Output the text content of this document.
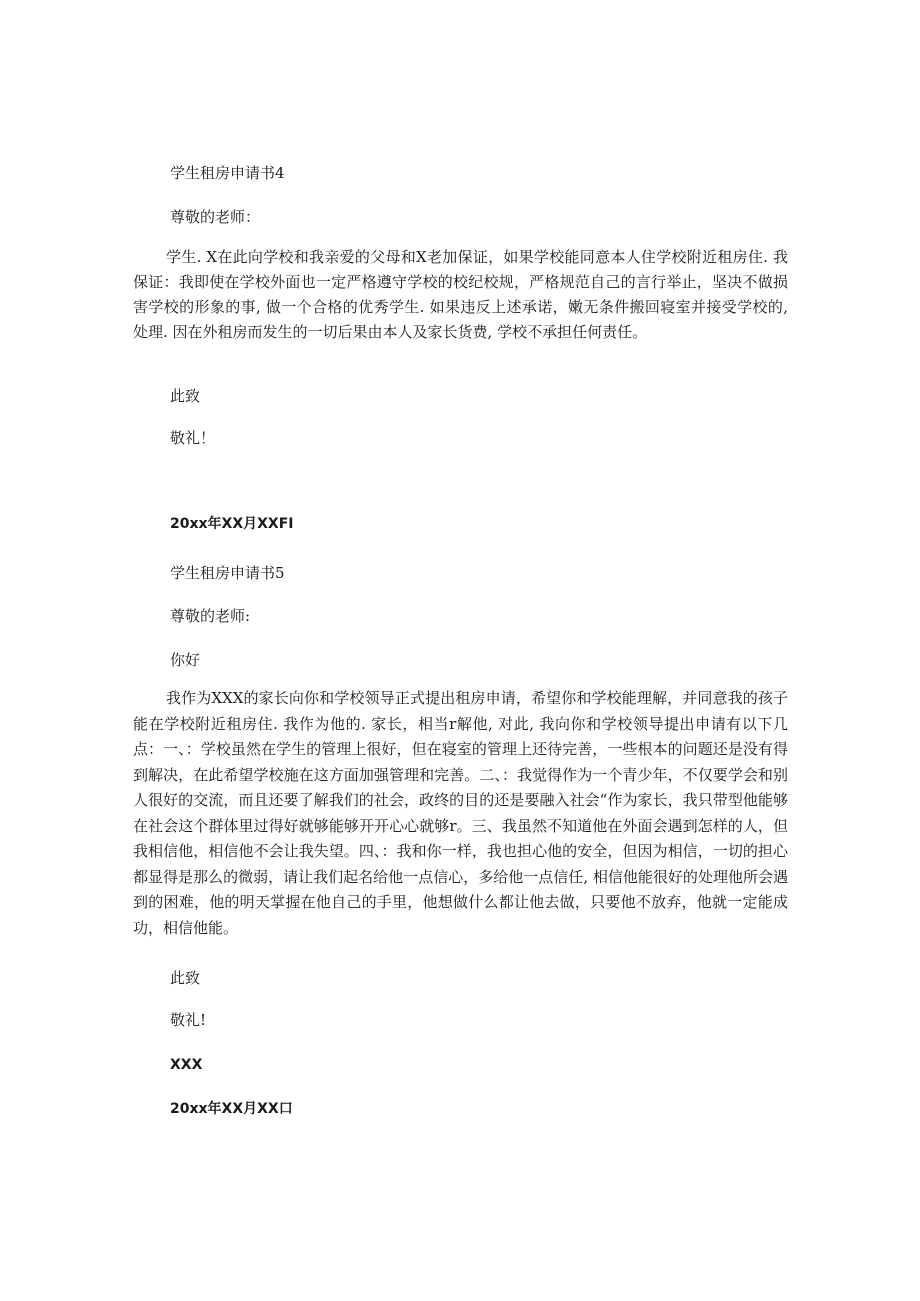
学生租房申请书4

尊敬的老师：

学生. X在此向学校和我亲爱的父母和X老加保证，如果学校能同意本人住学校附近租房住. 我保证：我即使在学校外面也一定严格遵守学校的校纪校规，严格规范自己的言行举止，坚决不做损害学校的形象的事, 做一个合格的优秀学生. 如果违反上述承诺，嫩无条件搬回寝室并接受学校的, 处理. 因在外租房而发生的一切后果由本人及家长货费, 学校不承担任何责任。

此致

敬礼！

20xx年XX月XXFI

学生租房申请书5

尊敬的老师:

你好

我作为XXX的家长向你和学校领导正式提出租房申请，希望你和学校能理解，并同意我的孩子能在学校附近租房住. 我作为他的. 家长，相当r解他, 对此, 我向你和学校领导提出申请有以下几点：一、：学校虽然在学生的管理上很好，但在寝室的管理上还待完善，一些根本的问题还是没有得到解决，在此希望学校施在这方面加强管理和完善。二、：我觉得作为一个青少年，不仅要学会和别人很好的交流，而且还要了解我们的社会，政终的目的还是要融入社会“作为家长，我只带型他能够在社会这个群体里过得好就够能够开开心心就够r。三、我虽然不知道他在外面会遇到怎样的人，但我相信他，相信他不会让我失望。四、：我和你一样，我也担心他的安全，但因为相信，一切的担心都显得是那么的微弱，请让我们起名给他一点信心，多给他一点信任, 相信他能很好的处理他所会遇到的困难，他的明天掌握在他自己的手里，他想做什么都让他去做，只要他不放弃，他就一定能成功，相信他能。

此致

敬礼!

XXX

20xx年XX月XX口
